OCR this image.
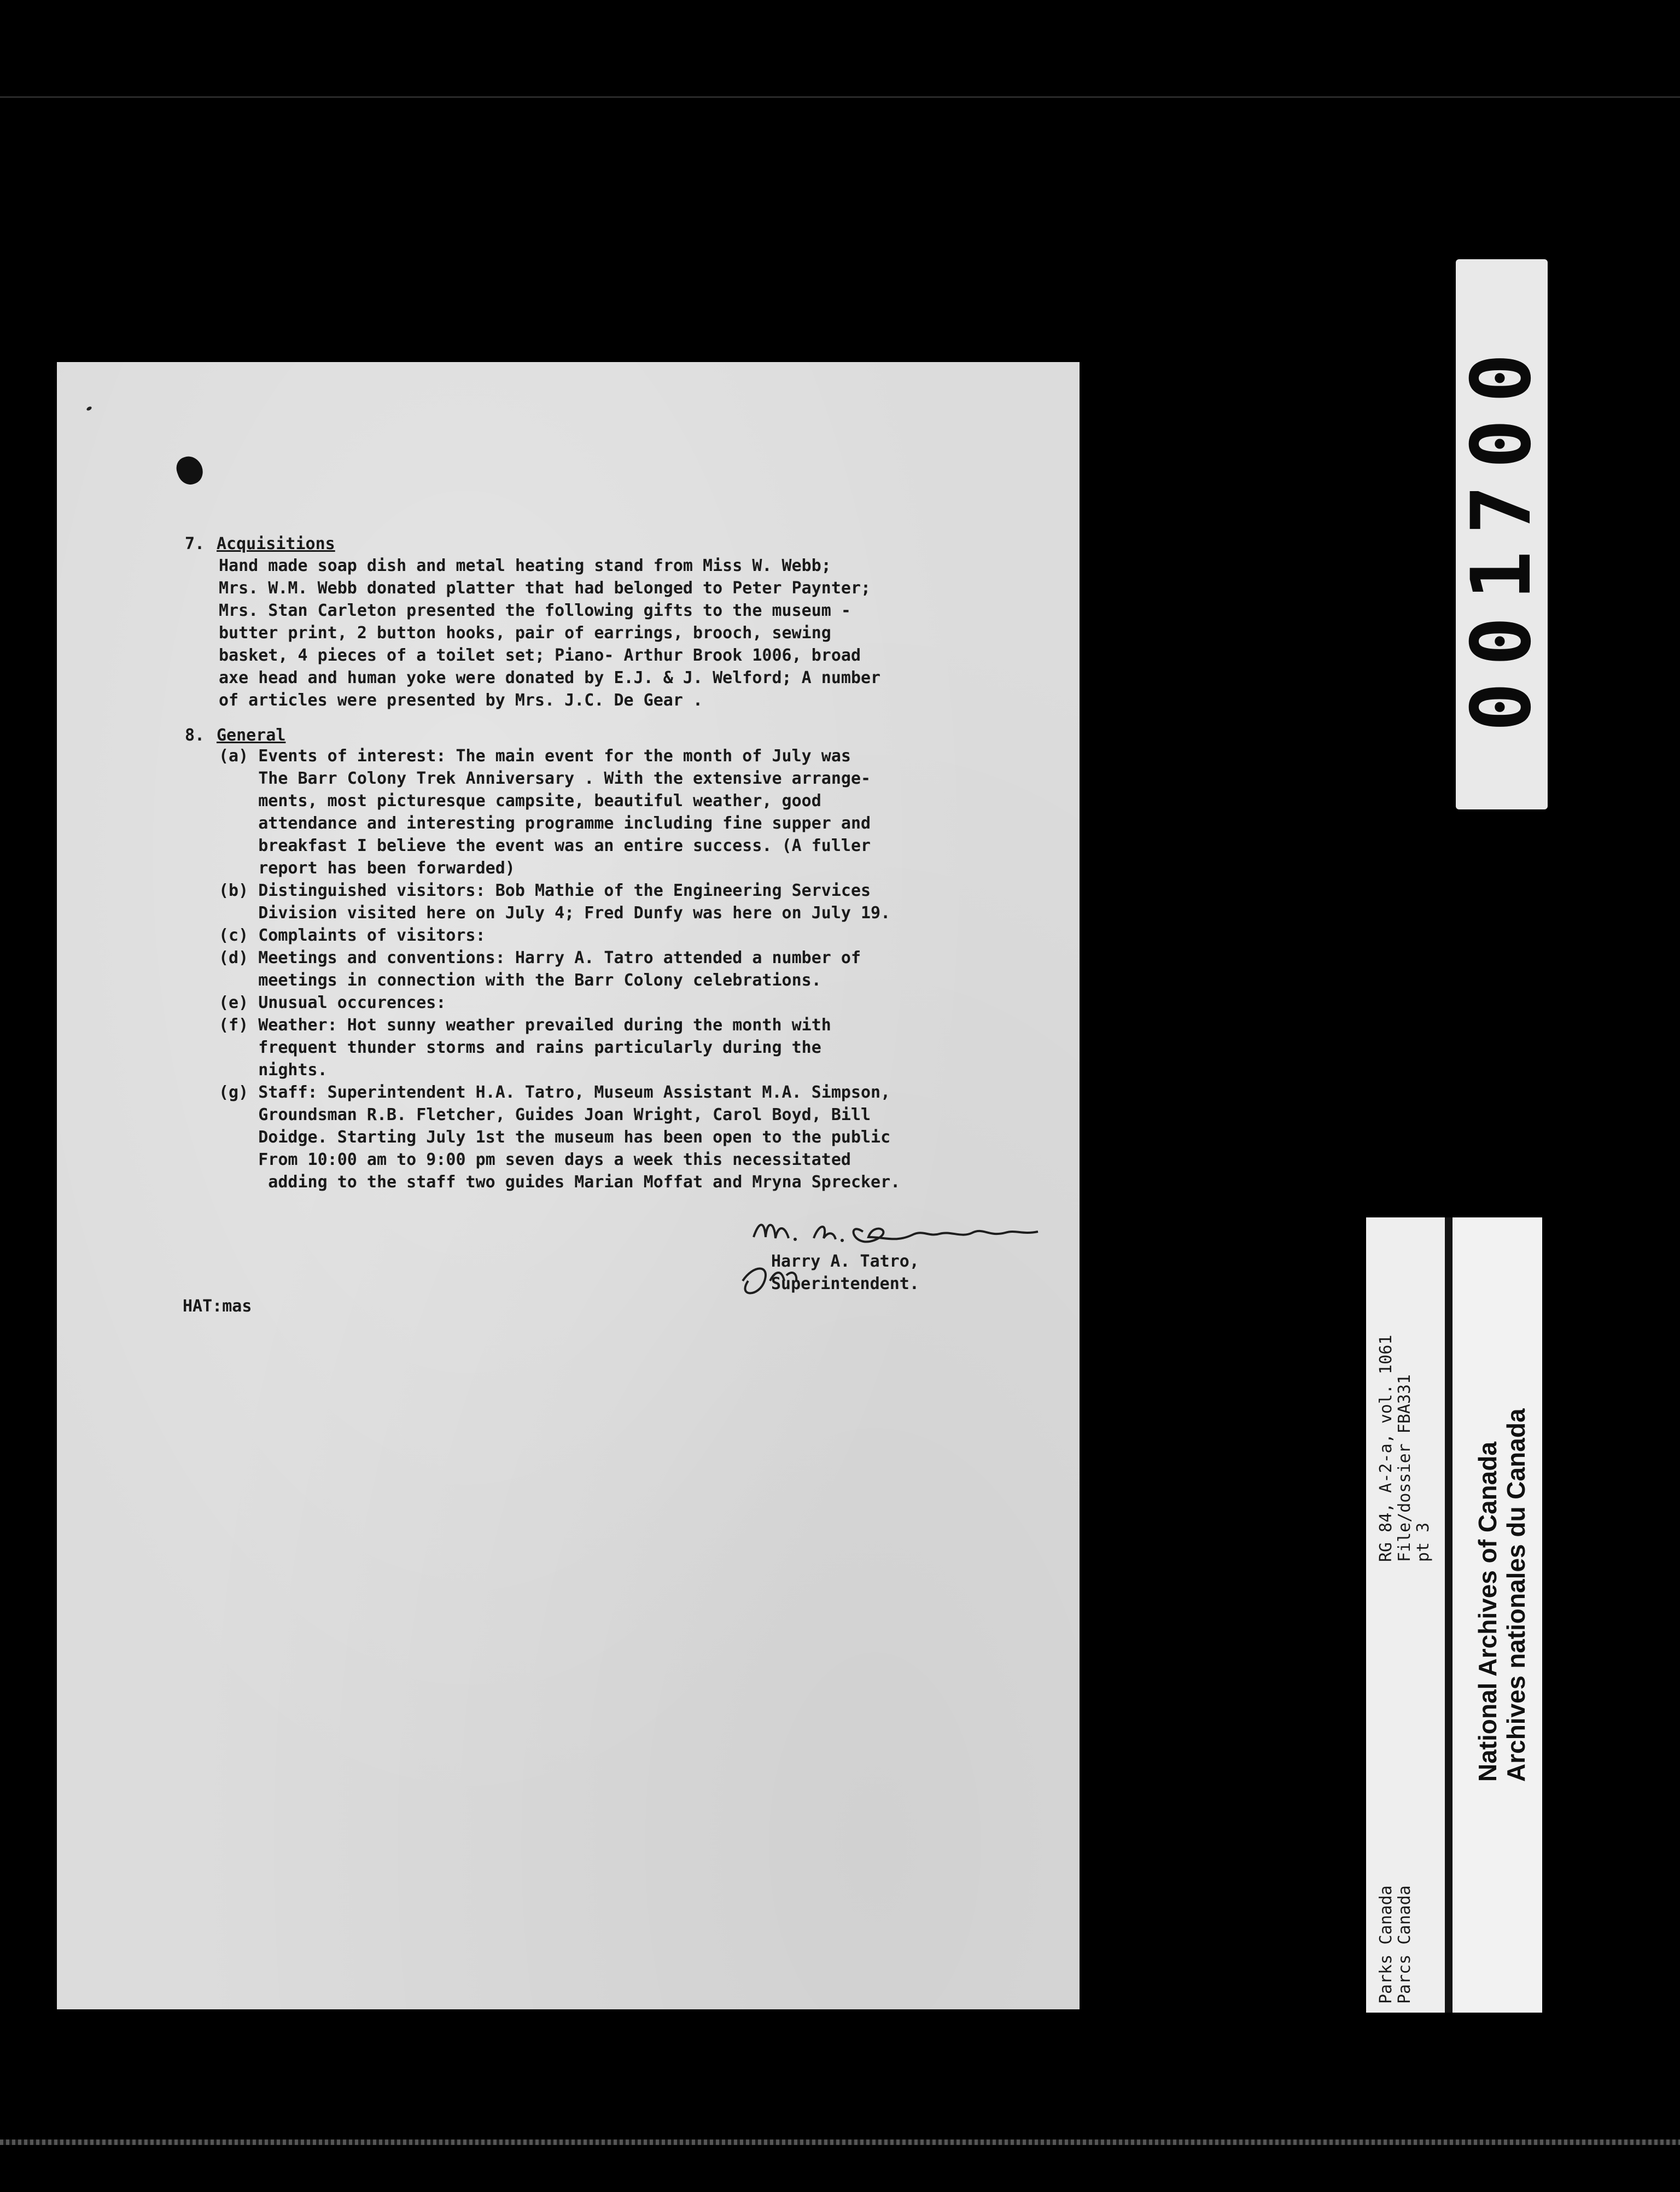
7. Acquisitions
Hand made soap dish and metal heating stand from Miss W. Webb;
Mrs. W.M. Webb donated platter that had belonged to Peter Paynter;
Mrs. Stan Carleton presented the following gifts to the museum -
butter print, 2 button hooks, pair of earrings, brooch, sewing
basket, 4 pieces of a toilet set; Piano- Arthur Brook 1006, broad
axe head and human yoke were donated by E.J. & J. Welford; A number
of articles were presented by Mrs. J.C. De Gear .
8. General
(a) Events of interest: The main event for the month of July was
The Barr Colony Trek Anniversary . With the extensive arrange-
ments, most picturesque campsite, beautiful weather, good
attendance and interesting programme including fine supper and
breakfast I believe the event was an entire success. (A fuller
report has been forwarded)
(b) Distinguished visitors: Bob Mathie of the Engineering Services
Division visited here on July 4; Fred Dunfy was here on July 19.
(c) Complaints of visitors:
(d) Meetings and conventions: Harry A. Tatro attended a number of
meetings in connection with the Barr Colony celebrations.
(e) Unusual occurences:
(f) Weather: Hot sunny weather prevailed during the month with
frequent thunder storms and rains particularly during the
nights.
(g) Staff: Superintendent H.A. Tatro, Museum Assistant M.A. Simpson,
Groundsman R.B. Fletcher, Guides Joan Wright, Carol Boyd, Bill
Doidge. Starting July 1st the museum has been open to the public
From 10:00 am to 9:00 pm seven days a week this necessitated
adding to the staff two guides Marian Moffat and Mryna Sprecker.
Harry A. Tatro,
Superintendent.
HAT:mas
001700
Parks Canada
Parcs Canada
RG 84, A-2-a, vol. 1061
File/dossier FBA331
pt 3 National Archives of Canada
Archives nationales du Canada
